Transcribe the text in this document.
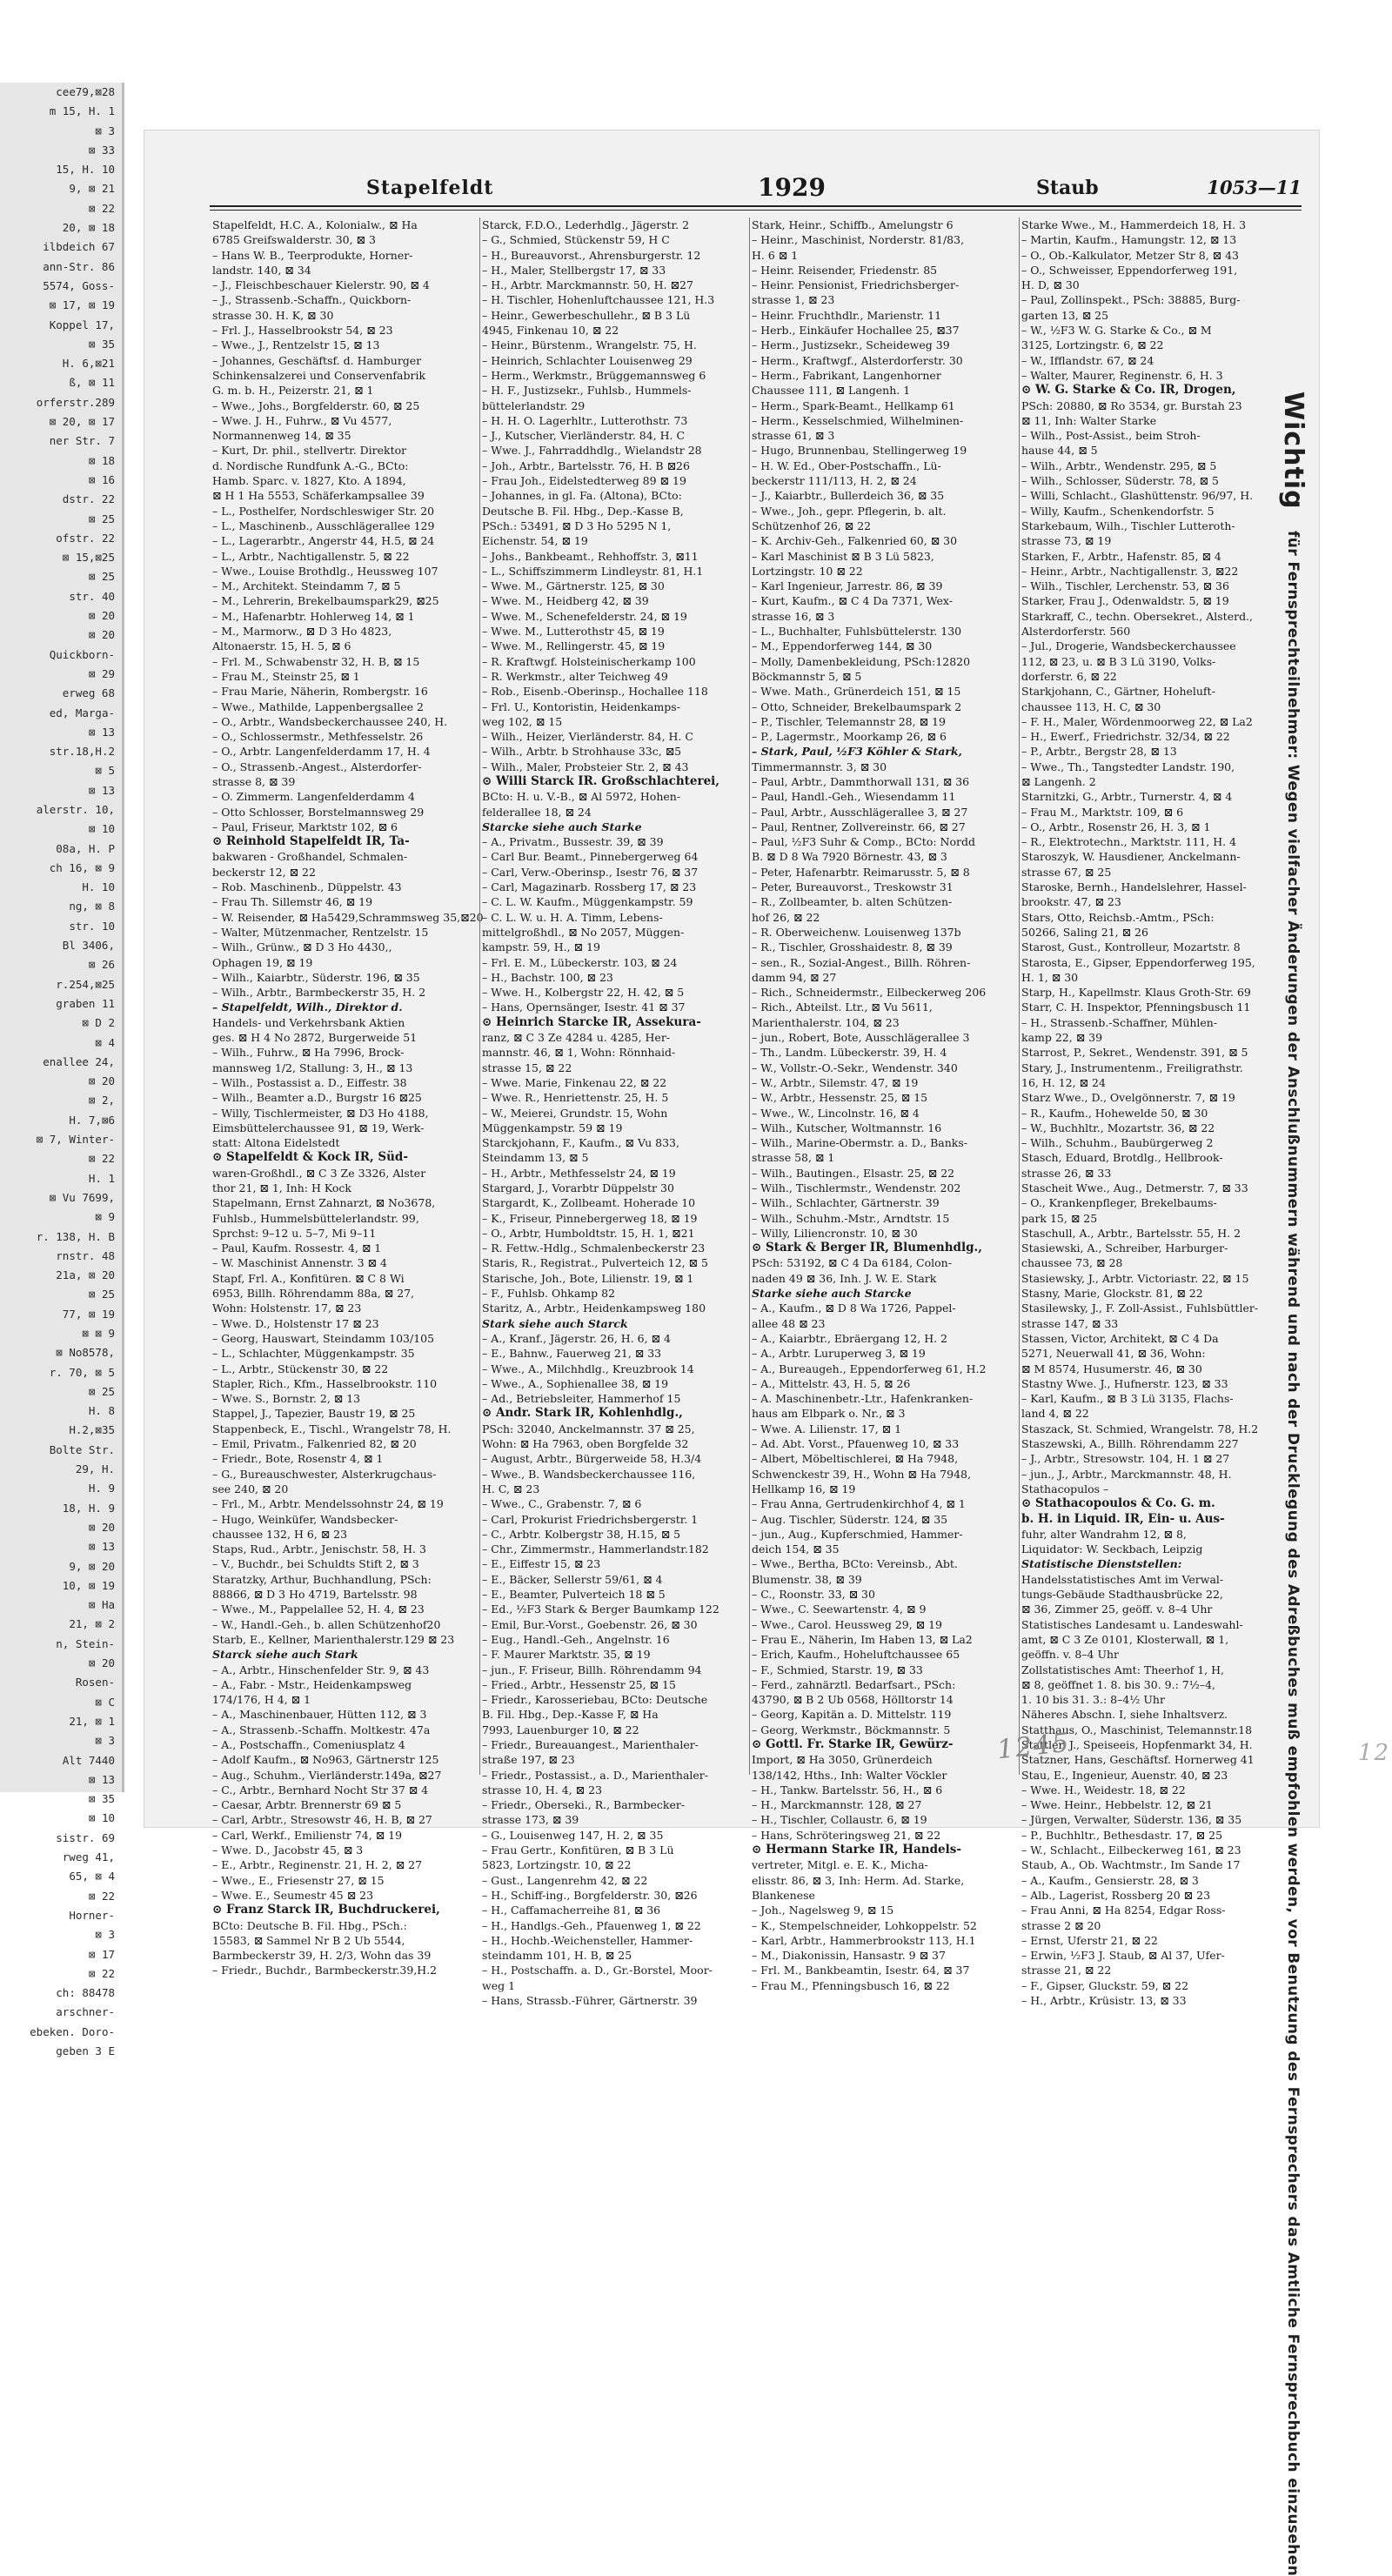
cee79,⊠28
m 15, H. 1
⊠ 3
⊠ 33
15, H. 10
9, ⊠ 21
⊠ 22
20, ⊠ 18
ilbdeich 67
ann-Str. 86
5574, Goss-
⊠ 17, ⊠ 19
Koppel 17,
⊠ 35
H. 6,⊠21
ß, ⊠ 11
orferstr.289
⊠ 20, ⊠ 17
ner Str. 7
⊠ 18
⊠ 16
dstr. 22
⊠ 25
ofstr. 22
⊠ 15,⊠25
⊠ 25
str. 40
⊠ 20
⊠ 20
Quickborn-
⊠ 29
erweg 68
ed, Marga-
⊠ 13
str.18,H.2
⊠ 5
⊠ 13
alerstr. 10,
⊠ 10
08a, H. P
ch 16, ⊠ 9
H. 10
ng, ⊠ 8
str. 10
Bl 3406,
⊠ 26
r.254,⊠25
graben 11
⊠ D 2
⊠ 4
enallee 24,
⊠ 20
⊠ 2,
H. 7,⊠6
⊠ 7, Winter-
⊠ 22
H. 1
⊠ Vu 7699,
⊠ 9
r. 138, H. B
rnstr. 48
21a, ⊠ 20
⊠ 25
77, ⊠ 19
⊠ ⊠ 9
⊠ No8578,
r. 70, ⊠ 5
⊠ 25
H. 8
H.2,⊠35
Bolte Str.
29, H.
H. 9
18, H. 9
⊠ 20
⊠ 13
9, ⊠ 20
10, ⊠ 19
⊠ Ha
21, ⊠ 2
n, Stein-
⊠ 20
Rosen-
⊠ C
21, ⊠ 1
⊠ 3
Alt 7440
⊠ 13
⊠ 35
⊠ 10
sistr. 69
rweg 41,
65, ⊠ 4
⊠ 22
Horner-
⊠ 3
⊠ 17
⊠ 22
ch: 88478
arschner-
ebeken. Doro-
geben 3 E
Stapelfeldt	1929	Staub	1053—11
Stapelfeldt, H.C. A., Kolonialw., ⊠ Ha
6785 Greifswalderstr. 30, ⊠ 3
– Hans W. B., Teerprodukte, Horner-
landstr. 140, ⊠ 34
– J., Fleischbeschauer Kielerstr. 90, ⊠ 4
– J., Strassenb.-Schaffn., Quickborn-
strasse 30. H. K, ⊠ 30
– Frl. J., Hasselbrookstr 54, ⊠ 23
– Wwe., J., Rentzelstr 15, ⊠ 13
– Johannes, Geschäftsf. d. Hamburger
Schinkensalzerei und Conservenfabrik
G. m. b. H., Peizerstr. 21, ⊠ 1
– Wwe., Johs., Borgfelderstr. 60, ⊠ 25
– Wwe. J. H., Fuhrw., ⊠ Vu 4577,
Normannenweg 14, ⊠ 35
– Kurt, Dr. phil., stellvertr. Direktor
d. Nordische Rundfunk A.-G., BCto:
Hamb. Sparc. v. 1827, Kto. A 1894,
⊠ H 1 Ha 5553, Schäferkampsallee 39
– L., Posthelfer, Nordschleswiger Str. 20
– L., Maschinenb., Ausschlägerallee 129
– L., Lagerarbtr., Angerstr 44, H.5, ⊠ 24
– L., Arbtr., Nachtigallenstr. 5, ⊠ 22
– Wwe., Louise Brothdlg., Heussweg 107
– M., Architekt. Steindamm 7, ⊠ 5
– M., Lehrerin, Brekelbaumspark29, ⊠25
– M., Hafenarbtr. Hohlerweg 14, ⊠ 1
– M., Marmorw., ⊠ D 3 Ho 4823,
Altonaerstr. 15, H. 5, ⊠ 6
– Frl. M., Schwabenstr 32, H. B, ⊠ 15
– Frau M., Steinstr 25, ⊠ 1
– Frau Marie, Näherin, Rombergstr. 16
– Wwe., Mathilde, Lappenbergsallee 2
– O., Arbtr., Wandsbeckerchaussee 240, H.
– O., Schlossermstr., Methfesselstr. 26
– O., Arbtr. Langenfelderdamm 17, H. 4
– O., Strassenb.-Angest., Alsterdorfer-
strasse 8, ⊠ 39
– O. Zimmerm. Langenfelderdamm 4
– Otto Schlosser, Borstelmannsweg 29
– Paul, Friseur, Marktstr 102, ⊠ 6
⊙ Reinhold Stapelfeldt IR, Ta-
bakwaren - Großhandel, Schmalen-
beckerstr 12, ⊠ 22
– Rob. Maschinenb., Düppelstr. 43
– Frau Th. Sillemstr 46, ⊠ 19
– W. Reisender, ⊠ Ha5429,Schrammsweg 35,⊠20
– Walter, Mützenmacher, Rentzelstr. 15
– Wilh., Grünw., ⊠ D 3 Ho 4430,,
Ophagen 19, ⊠ 19
– Wilh., Kaiarbtr., Süderstr. 196, ⊠ 35
– Wilh., Arbtr., Barmbeckerstr 35, H. 2
– Stapelfeldt, Wilh., Direktor d.
Handels- und Verkehrsbank Aktien
ges. ⊠ H 4 No 2872, Burgerweide 51
– Wilh., Fuhrw., ⊠ Ha 7996, Brock-
mannsweg 1/2, Stallung: 3, H., ⊠ 13
– Wilh., Postassist a. D., Eiffestr. 38
– Wilh., Beamter a.D., Burgstr 16 ⊠25
– Willy, Tischlermeister, ⊠ D3 Ho 4188,
Eimsbüttelerchaussee 91, ⊠ 19, Werk-
statt: Altona Eidelstedt
⊙ Stapelfeldt & Kock IR, Süd-
waren-Großhdl., ⊠ C 3 Ze 3326, Alster
thor 21, ⊠ 1, Inh: H Kock
Stapelmann, Ernst Zahnarzt, ⊠ No3678,
Fuhlsb., Hummelsbüttelerlandstr. 99,
Sprchst: 9–12 u. 5–7, Mi 9–11
– Paul, Kaufm. Rossestr. 4, ⊠ 1
– W. Maschinist Annenstr. 3 ⊠ 4
Stapf, Frl. A., Konfitüren. ⊠ C 8 Wi
6953, Billh. Röhrendamm 88a, ⊠ 27,
Wohn: Holstenstr. 17, ⊠ 23
– Wwe. D., Holstenstr 17 ⊠ 23
– Georg, Hauswart, Steindamm 103/105
– L., Schlachter, Müggenkampstr. 35
– L., Arbtr., Stückenstr 30, ⊠ 22
Stapler, Rich., Kfm., Hasselbrookstr. 110
– Wwe. S., Bornstr. 2, ⊠ 13
Stappel, J., Tapezier, Baustr 19, ⊠ 25
Stappenbeck, E., Tischl., Wrangelstr 78, H.
– Emil, Privatm., Falkenried 82, ⊠ 20
– Friedr., Bote, Rosenstr 4, ⊠ 1
– G., Bureauschwester, Alsterkrugchaus-
see 240, ⊠ 20
– Frl., M., Arbtr. Mendelssohnstr 24, ⊠ 19
– Hugo, Weinküfer, Wandsbecker-
chaussee 132, H 6, ⊠ 23
Staps, Rud., Arbtr., Jenischstr. 58, H. 3
– V., Buchdr., bei Schuldts Stift 2, ⊠ 3
Staratzky, Arthur, Buchhandlung, PSch:
88866, ⊠ D 3 Ho 4719, Bartelsstr. 98
– Wwe., M., Pappelallee 52, H. 4, ⊠ 23
– W., Handl.-Geh., b. allen Schützenhof20
Starb, E., Kellner, Marienthalerstr.129 ⊠ 23
Starck siehe auch Stark
– A., Arbtr., Hinschenfelder Str. 9, ⊠ 43
– A., Fabr. - Mstr., Heidenkampsweg
174/176, H 4, ⊠ 1
– A., Maschinenbauer, Hütten 112, ⊠ 3
– A., Strassenb.-Schaffn. Moltkestr. 47a
– A., Postschaffn., Comeniusplatz 4
– Adolf Kaufm., ⊠ No963, Gärtnerstr 125
– Aug., Schuhm., Vierländerstr.149a, ⊠27
– C., Arbtr., Bernhard Nocht Str 37 ⊠ 4
– Caesar, Arbtr. Brennerstr 69 ⊠ 5
– Carl, Arbtr., Stresowstr 46, H. B, ⊠ 27
– Carl, Werkf., Emilienstr 74, ⊠ 19
– Wwe. D., Jacobstr 45, ⊠ 3
– E., Arbtr., Reginenstr. 21, H. 2, ⊠ 27
– Wwe., E., Friesenstr 27, ⊠ 15
– Wwe. E., Seumestr 45 ⊠ 23
⊙ Franz Starck IR, Buchdruckerei,
BCto: Deutsche B. Fil. Hbg., PSch.:
15583, ⊠ Sammel Nr B 2 Ub 5544,
Barmbeckerstr 39, H. 2/3, Wohn das 39
– Friedr., Buchdr., Barmbeckerstr.39,H.2
Starck, F.D.O., Lederhdlg., Jägerstr. 2
– G., Schmied, Stückenstr 59, H C
– H., Bureauvorst., Ahrensburgerstr. 12
– H., Maler, Stellbergstr 17, ⊠ 33
– H., Arbtr. Marckmannstr. 50, H. ⊠27
– H. Tischler, Hohenluftchaussee 121, H.3
– Heinr., Gewerbeschullehr., ⊠ B 3 Lü
4945, Finkenau 10, ⊠ 22
– Heinr., Bürstenm., Wrangelstr. 75, H.
– Heinrich, Schlachter Louisenweg 29
– Herm., Werkmstr., Brüggemannsweg 6
– H. F., Justizsekr., Fuhlsb., Hummels-
büttelerlandstr. 29
– H. H. O. Lagerhltr., Lutterothstr. 73
– J., Kutscher, Vierländerstr. 84, H. C
– Wwe. J., Fahrraddhdlg., Wielandstr 28
– Joh., Arbtr., Bartelsstr. 76, H. B ⊠26
– Frau Joh., Eidelstedterweg 89 ⊠ 19
– Johannes, in gl. Fa. (Altona), BCto:
Deutsche B. Fil. Hbg., Dep.-Kasse B,
PSch.: 53491, ⊠ D 3 Ho 5295 N 1,
Eichenstr. 54, ⊠ 19
– Johs., Bankbeamt., Rehhoffstr. 3, ⊠11
– L., Schiffszimmerm Lindleystr. 81, H.1
– Wwe. M., Gärtnerstr. 125, ⊠ 30
– Wwe. M., Heidberg 42, ⊠ 39
– Wwe. M., Schenefelderstr. 24, ⊠ 19
– Wwe. M., Lutterothstr 45, ⊠ 19
– Wwe. M., Rellingerstr. 45, ⊠ 19
– R. Kraftwgf. Holsteinischerkamp 100
– R. Werkmstr., alter Teichweg 49
– Rob., Eisenb.-Oberinsp., Hochallee 118
– Frl. U., Kontoristin, Heidenkamps-
weg 102, ⊠ 15
– Wilh., Heizer, Vierländerstr. 84, H. C
– Wilh., Arbtr. b Strohhause 33c, ⊠5
– Wilh., Maler, Probsteier Str. 2, ⊠ 43
⊙ Willi Starck IR. Großschlachterei,
BCto: H. u. V.-B., ⊠ Al 5972, Hohen-
felderallee 18, ⊠ 24
Starcke siehe auch Starke
– A., Privatm., Bussestr. 39, ⊠ 39
– Carl Bur. Beamt., Pinnebergerweg 64
– Carl, Verw.-Oberinsp., Isestr 76, ⊠ 37
– Carl, Magazinarb. Rossberg 17, ⊠ 23
– C. L. W. Kaufm., Müggenkampstr. 59
– C. L. W. u. H. A. Timm, Lebens-
mittelgroßhdl., ⊠ No 2057, Müggen-
kampstr. 59, H., ⊠ 19
– Frl. E. M., Lübeckerstr. 103, ⊠ 24
– H., Bachstr. 100, ⊠ 23
– Wwe. H., Kolbergstr 22, H. 42, ⊠ 5
– Hans, Opernsänger, Isestr. 41 ⊠ 37
⊙ Heinrich Starcke IR, Assekura-
ranz, ⊠ C 3 Ze 4284 u. 4285, Her-
mannstr. 46, ⊠ 1, Wohn: Rönnhaid-
strasse 15, ⊠ 22
– Wwe. Marie, Finkenau 22, ⊠ 22
– Wwe. R., Henriettenstr. 25, H. 5
– W., Meierei, Grundstr. 15, Wohn
Müggenkampstr. 59 ⊠ 19
Starckjohann, F., Kaufm., ⊠ Vu 833,
Steindamm 13, ⊠ 5
– H., Arbtr., Methfesselstr 24, ⊠ 19
Stargard, J., Vorarbtr Düppelstr 30
Stargardt, K., Zollbeamt. Hoherade 10
– K., Friseur, Pinnebergerweg 18, ⊠ 19
– O., Arbtr, Humboldtstr. 15, H. 1, ⊠21
– R. Fettw.-Hdlg., Schmalenbeckerstr 23
Staris, R., Registrat., Pulverteich 12, ⊠ 5
Starische, Joh., Bote, Lilienstr. 19, ⊠ 1
– F., Fuhlsb. Ohkamp 82
Staritz, A., Arbtr., Heidenkampsweg 180
Stark siehe auch Starck
– A., Kranf., Jägerstr. 26, H. 6, ⊠ 4
– E., Bahnw., Fauerweg 21, ⊠ 33
– Wwe., A., Milchhdlg., Kreuzbrook 14
– Wwe., A., Sophienallee 38, ⊠ 19
– Ad., Betriebsleiter, Hammerhof 15
⊙ Andr. Stark IR, Kohlenhdlg.,
PSch: 32040, Anckelmannstr. 37 ⊠ 25,
Wohn: ⊠ Ha 7963, oben Borgfelde 32
– August, Arbtr., Bürgerweide 58, H.3/4
– Wwe., B. Wandsbeckerchaussee 116,
H. C, ⊠ 23
– Wwe., C., Grabenstr. 7, ⊠ 6
– Carl, Prokurist Friedrichsbergerstr. 1
– C., Arbtr. Kolbergstr 38, H.15, ⊠ 5
– Chr., Zimmermstr., Hammerlandstr.182
– E., Eiffestr 15, ⊠ 23
– E., Bäcker, Sellerstr 59/61, ⊠ 4
– E., Beamter, Pulverteich 18 ⊠ 5
– Ed., ½F3 Stark & Berger Baumkamp 122
– Emil, Bur.-Vorst., Goebenstr. 26, ⊠ 30
– Eug., Handl.-Geh., Angelnstr. 16
– F. Maurer Marktstr. 35, ⊠ 19
– jun., F. Friseur, Billh. Röhrendamm 94
– Fried., Arbtr., Hessenstr 25, ⊠ 15
– Friedr., Karosseriebau, BCto: Deutsche
B. Fil. Hbg., Dep.-Kasse F, ⊠ Ha
7993, Lauenburger 10, ⊠ 22
– Friedr., Bureauangest., Marienthaler-
straße 197, ⊠ 23
– Friedr., Postassist., a. D., Marienthaler-
strasse 10, H. 4, ⊠ 23
– Friedr., Oberseki., R., Barmbecker-
strasse 173, ⊠ 39
– G., Louisenweg 147, H. 2, ⊠ 35
– Frau Gertr., Konfitüren, ⊠ B 3 Lü
5823, Lortzingstr. 10, ⊠ 22
– Gust., Langenrehm 42, ⊠ 22
– H., Schiff-ing., Borgfelderstr. 30, ⊠26
– H., Caffamacherreihe 81, ⊠ 36
– H., Handlgs.-Geh., Pfauenweg 1, ⊠ 22
– H., Hochb.-Weichensteller, Hammer-
steindamm 101, H. B, ⊠ 25
– H., Postschaffn. a. D., Gr.-Borstel, Moor-
weg 1
– Hans, Strassb.-Führer, Gärtnerstr. 39
Stark, Heinr., Schiffb., Amelungstr 6
– Heinr., Maschinist, Norderstr. 81/83,
H. 6 ⊠ 1
– Heinr. Reisender, Friedenstr. 85
– Heinr. Pensionist, Friedrichsberger-
strasse 1, ⊠ 23
– Heinr. Fruchthdlr., Marienstr. 11
– Herb., Einkäufer Hochallee 25, ⊠37
– Herm., Justizsekr., Scheideweg 39
– Herm., Kraftwgf., Alsterdorferstr. 30
– Herm., Fabrikant, Langenhorner
Chaussee 111, ⊠ Langenh. 1
– Herm., Spark-Beamt., Hellkamp 61
– Herm., Kesselschmied, Wilhelminen-
strasse 61, ⊠ 3
– Hugo, Brunnenbau, Stellingerweg 19
– H. W. Ed., Ober-Postschaffn., Lü-
beckerstr 111/113, H. 2, ⊠ 24
– J., Kaiarbtr., Bullerdeich 36, ⊠ 35
– Wwe., Joh., gepr. Pflegerin, b. alt.
Schützenhof 26, ⊠ 22
– K. Archiv-Geh., Falkenried 60, ⊠ 30
– Karl Maschinist ⊠ B 3 Lü 5823,
Lortzingstr. 10 ⊠ 22
– Karl Ingenieur, Jarrestr. 86, ⊠ 39
– Kurt, Kaufm., ⊠ C 4 Da 7371, Wex-
strasse 16, ⊠ 3
– L., Buchhalter, Fuhlsbüttelerstr. 130
– M., Eppendorferweg 144, ⊠ 30
– Molly, Damenbekleidung, PSch:12820
Böckmannstr 5, ⊠ 5
– Wwe. Math., Grünerdeich 151, ⊠ 15
– Otto, Schneider, Brekelbaumspark 2
– P., Tischler, Telemannstr 28, ⊠ 19
– P., Lagermstr., Moorkamp 26, ⊠ 6
– Stark, Paul, ½F3 Köhler & Stark,
Timmermannstr. 3, ⊠ 30
– Paul, Arbtr., Dammthorwall 131, ⊠ 36
– Paul, Handl.-Geh., Wiesendamm 11
– Paul, Arbtr., Ausschlägerallee 3, ⊠ 27
– Paul, Rentner, Zollvereinstr. 66, ⊠ 27
– Paul, ½F3 Suhr & Comp., BCto: Nordd
B. ⊠ D 8 Wa 7920 Börnestr. 43, ⊠ 3
– Peter, Hafenarbtr. Reimarusstr. 5, ⊠ 8
– Peter, Bureauvorst., Treskowstr 31
– R., Zollbeamter, b. alten Schützen-
hof 26, ⊠ 22
– R. Oberweichenw. Louisenweg 137b
– R., Tischler, Grosshaidestr. 8, ⊠ 39
– sen., R., Sozial-Angest., Billh. Röhren-
damm 94, ⊠ 27
– Rich., Schneidermstr., Eilbeckerweg 206
– Rich., Abteilst. Ltr., ⊠ Vu 5611,
Marienthalerstr. 104, ⊠ 23
– jun., Robert, Bote, Ausschlägerallee 3
– Th., Landm. Lübeckerstr. 39, H. 4
– W., Vollstr.-O.-Sekr., Wendenstr. 340
– W., Arbtr., Silemstr. 47, ⊠ 19
– W., Arbtr., Hessenstr. 25, ⊠ 15
– Wwe., W., Lincolnstr. 16, ⊠ 4
– Wilh., Kutscher, Woltmannstr. 16
– Wilh., Marine-Obermstr. a. D., Banks-
strasse 58, ⊠ 1
– Wilh., Bautingen., Elsastr. 25, ⊠ 22
– Wilh., Tischlermstr., Wendenstr. 202
– Wilh., Schlachter, Gärtnerstr. 39
– Wilh., Schuhm.-Mstr., Arndtstr. 15
– Willy, Liliencronstr. 10, ⊠ 30
⊙ Stark & Berger IR, Blumenhdlg.,
PSch: 53192, ⊠ C 4 Da 6184, Colon-
naden 49 ⊠ 36, Inh. J. W. E. Stark
Starke siehe auch Starcke
– A., Kaufm., ⊠ D 8 Wa 1726, Pappel-
allee 48 ⊠ 23
– A., Kaiarbtr., Ebräergang 12, H. 2
– A., Arbtr. Luruperweg 3, ⊠ 19
– A., Bureaugeh., Eppendorferweg 61, H.2
– A., Mittelstr. 43, H. 5, ⊠ 26
– A. Maschinenbetr.-Ltr., Hafenkranken-
haus am Elbpark o. Nr., ⊠ 3
– Wwe. A. Lilienstr. 17, ⊠ 1
– Ad. Abt. Vorst., Pfauenweg 10, ⊠ 33
– Albert, Möbeltischlerei, ⊠ Ha 7948,
Schwenckestr 39, H., Wohn ⊠ Ha 7948,
Hellkamp 16, ⊠ 19
– Frau Anna, Gertrudenkirchhof 4, ⊠ 1
– Aug. Tischler, Süderstr. 124, ⊠ 35
– jun., Aug., Kupferschmied, Hammer-
deich 154, ⊠ 35
– Wwe., Bertha, BCto: Vereinsb., Abt.
Blumenstr. 38, ⊠ 39
– C., Roonstr. 33, ⊠ 30
– Wwe., C. Seewartenstr. 4, ⊠ 9
– Wwe., Carol. Heussweg 29, ⊠ 19
– Frau E., Näherin, Im Haben 13, ⊠ La2
– Erich, Kaufm., Hoheluftchaussee 65
– F., Schmied, Starstr. 19, ⊠ 33
– Ferd., zahnärztl. Bedarfsart., PSch:
43790, ⊠ B 2 Ub 0568, Hölltorstr 14
– Georg, Kapitän a. D. Mittelstr. 119
– Georg, Werkmstr., Böckmannstr. 5
⊙ Gottl. Fr. Starke IR, Gewürz-
Import, ⊠ Ha 3050, Grünerdeich
138/142, Hths., Inh: Walter Vöckler
– H., Tankw. Bartelsstr. 56, H., ⊠ 6
– H., Marckmannstr. 128, ⊠ 27
– H., Tischler, Collaustr. 6, ⊠ 19
– Hans, Schröteringsweg 21, ⊠ 22
⊙ Hermann Starke IR, Handels-
vertreter, Mitgl. e. E. K., Micha-
elisstr. 86, ⊠ 3, Inh: Herm. Ad. Starke,
Blankenese
– Joh., Nagelsweg 9, ⊠ 15
– K., Stempelschneider, Lohkoppelstr. 52
– Karl, Arbtr., Hammerbrookstr 113, H.1
– M., Diakonissin, Hansastr. 9 ⊠ 37
– Frl. M., Bankbeamtin, Isestr. 64, ⊠ 37
– Frau M., Pfenningsbusch 16, ⊠ 22
Starke Wwe., M., Hammerdeich 18, H. 3
– Martin, Kaufm., Hamungstr. 12, ⊠ 13
– O., Ob.-Kalkulator, Metzer Str 8, ⊠ 43
– O., Schweisser, Eppendorferweg 191,
H. D, ⊠ 30
– Paul, Zollinspekt., PSch: 38885, Burg-
garten 13, ⊠ 25
– W., ½F3 W. G. Starke & Co., ⊠ M
3125, Lortzingstr. 6, ⊠ 22
– W., Ifflandstr. 67, ⊠ 24
– Walter, Maurer, Reginenstr. 6, H. 3
⊙ W. G. Starke & Co. IR, Drogen,
PSch: 20880, ⊠ Ro 3534, gr. Burstah 23
⊠ 11, Inh: Walter Starke
– Wilh., Post-Assist., beim Stroh-
hause 44, ⊠ 5
– Wilh., Arbtr., Wendenstr. 295, ⊠ 5
– Wilh., Schlosser, Süderstr. 78, ⊠ 5
– Willi, Schlacht., Glashüttenstr. 96/97, H.
– Willy, Kaufm., Schenkendorfstr. 5
Starkebaum, Wilh., Tischler Lutteroth-
strasse 73, ⊠ 19
Starken, F., Arbtr., Hafenstr. 85, ⊠ 4
– Heinr., Arbtr., Nachtigallenstr. 3, ⊠22
– Wilh., Tischler, Lerchenstr. 53, ⊠ 36
Starker, Frau J., Odenwaldstr. 5, ⊠ 19
Starkraff, C., techn. Obersekret., Alsterd.,
Alsterdorferstr. 560
– Jul., Drogerie, Wandsbeckerchaussee
112, ⊠ 23, u. ⊠ B 3 Lü 3190, Volks-
dorferstr. 6, ⊠ 22
Starkjohann, C., Gärtner, Hoheluft-
chaussee 113, H. C, ⊠ 30
– F. H., Maler, Wördenmoorweg 22, ⊠ La2
– H., Ewerf., Friedrichstr. 32/34, ⊠ 22
– P., Arbtr., Bergstr 28, ⊠ 13
– Wwe., Th., Tangstedter Landstr. 190,
⊠ Langenh. 2
Starnitzki, G., Arbtr., Turnerstr. 4, ⊠ 4
– Frau M., Marktstr. 109, ⊠ 6
– O., Arbtr., Rosenstr 26, H. 3, ⊠ 1
– R., Elektrotechn., Marktstr. 111, H. 4
Staroszyk, W. Hausdiener, Anckelmann-
strasse 67, ⊠ 25
Staroske, Bernh., Handelslehrer, Hassel-
brookstr. 47, ⊠ 23
Stars, Otto, Reichsb.-Amtm., PSch:
50266, Saling 21, ⊠ 26
Starost, Gust., Kontrolleur, Mozartstr. 8
Starosta, E., Gipser, Eppendorferweg 195,
H. 1, ⊠ 30
Starp, H., Kapellmstr. Klaus Groth-Str. 69
Starr, C. H. Inspektor, Pfenningsbusch 11
– H., Strassenb.-Schaffner, Mühlen-
kamp 22, ⊠ 39
Starrost, P., Sekret., Wendenstr. 391, ⊠ 5
Stary, J., Instrumentenm., Freiligrathstr.
16, H. 12, ⊠ 24
Starz Wwe., D., Ovelgönnerstr. 7, ⊠ 19
– R., Kaufm., Hohewelde 50, ⊠ 30
– W., Buchhltr., Mozartstr. 36, ⊠ 22
– Wilh., Schuhm., Baubürgerweg 2
Stasch, Eduard, Brotdlg., Hellbrook-
strasse 26, ⊠ 33
Stascheit Wwe., Aug., Detmerstr. 7, ⊠ 33
– O., Krankenpfleger, Brekelbaums-
park 15, ⊠ 25
Staschull, A., Arbtr., Bartelsstr. 55, H. 2
Stasiewski, A., Schreiber, Harburger-
chaussee 73, ⊠ 28
Stasiewsky, J., Arbtr. Victoriastr. 22, ⊠ 15
Stasny, Marie, Glockstr. 81, ⊠ 22
Stasilewsky, J., F. Zoll-Assist., Fuhlsbüttler-
strasse 147, ⊠ 33
Stassen, Victor, Architekt, ⊠ C 4 Da
5271, Neuerwall 41, ⊠ 36, Wohn:
⊠ M 8574, Husumerstr. 46, ⊠ 30
Stastny Wwe. J., Hufnerstr. 123, ⊠ 33
– Karl, Kaufm., ⊠ B 3 Lü 3135, Flachs-
land 4, ⊠ 22
Staszack, St. Schmied, Wrangelstr. 78, H.2
Staszewski, A., Billh. Röhrendamm 227
– J., Arbtr., Stresowstr. 104, H. 1 ⊠ 27
– jun., J., Arbtr., Marckmannstr. 48, H.
Stathacopulos –
⊙ Stathacopoulos & Co. G. m.
b. H. in Liquid. IR, Ein- u. Aus-
fuhr, alter Wandrahm 12, ⊠ 8,
Liquidator: W. Seckbach, Leipzig
Statistische Dienststellen:
Handelsstatistisches Amt im Verwal-
tungs-Gebäude Stadthausbrücke 22,
⊠ 36, Zimmer 25, geöff. v. 8–4 Uhr
Statistisches Landesamt u. Landeswahl-
amt, ⊠ C 3 Ze 0101, Klosterwall, ⊠ 1,
geöffn. v. 8–4 Uhr
Zollstatistisches Amt: Theerhof 1, H,
⊠ 8, geöffnet 1. 8. bis 30. 9.: 7½–4,
1. 10 bis 31. 3.: 8–4½ Uhr
Näheres Abschn. I, siehe Inhaltsverz.
Statthaus, O., Maschinist, Telemannstr.18
Stattler, J., Speiseeis, Hopfenmarkt 34, H.
Statzner, Hans, Geschäftsf. Hornerweg 41
Stau, E., Ingenieur, Auenstr. 40, ⊠ 23
– Wwe. H., Weidestr. 18, ⊠ 22
– Wwe. Heinr., Hebbelstr. 12, ⊠ 21
– Jürgen, Verwalter, Süderstr. 136, ⊠ 35
– P., Buchhltr., Bethesdastr. 17, ⊠ 25
– W., Schlacht., Eilbeckerweg 161, ⊠ 23
Staub, A., Ob. Wachtmstr., Im Sande 17
– A., Kaufm., Gensierstr. 28, ⊠ 3
– Alb., Lagerist, Rossberg 20 ⊠ 23
– Frau Anni, ⊠ Ha 8254, Edgar Ross-
strasse 2 ⊠ 20
– Ernst, Uferstr 21, ⊠ 22
– Erwin, ½F3 J. Staub, ⊠ Al 37, Ufer-
strasse 21, ⊠ 22
– F., Gipser, Gluckstr. 59, ⊠ 22
– H., Arbtr., Krüsistr. 13, ⊠ 33
Wichtig für Fernsprechteilnehmer: Wegen vielfacher Änderungen der Anschlußnummern während und nach der Drucklegung des Adreßbuches muß empfohlen werden, vor Benutzung des Fernsprechers das Amtliche Fernsprechbuch einzusehen
1245	12
